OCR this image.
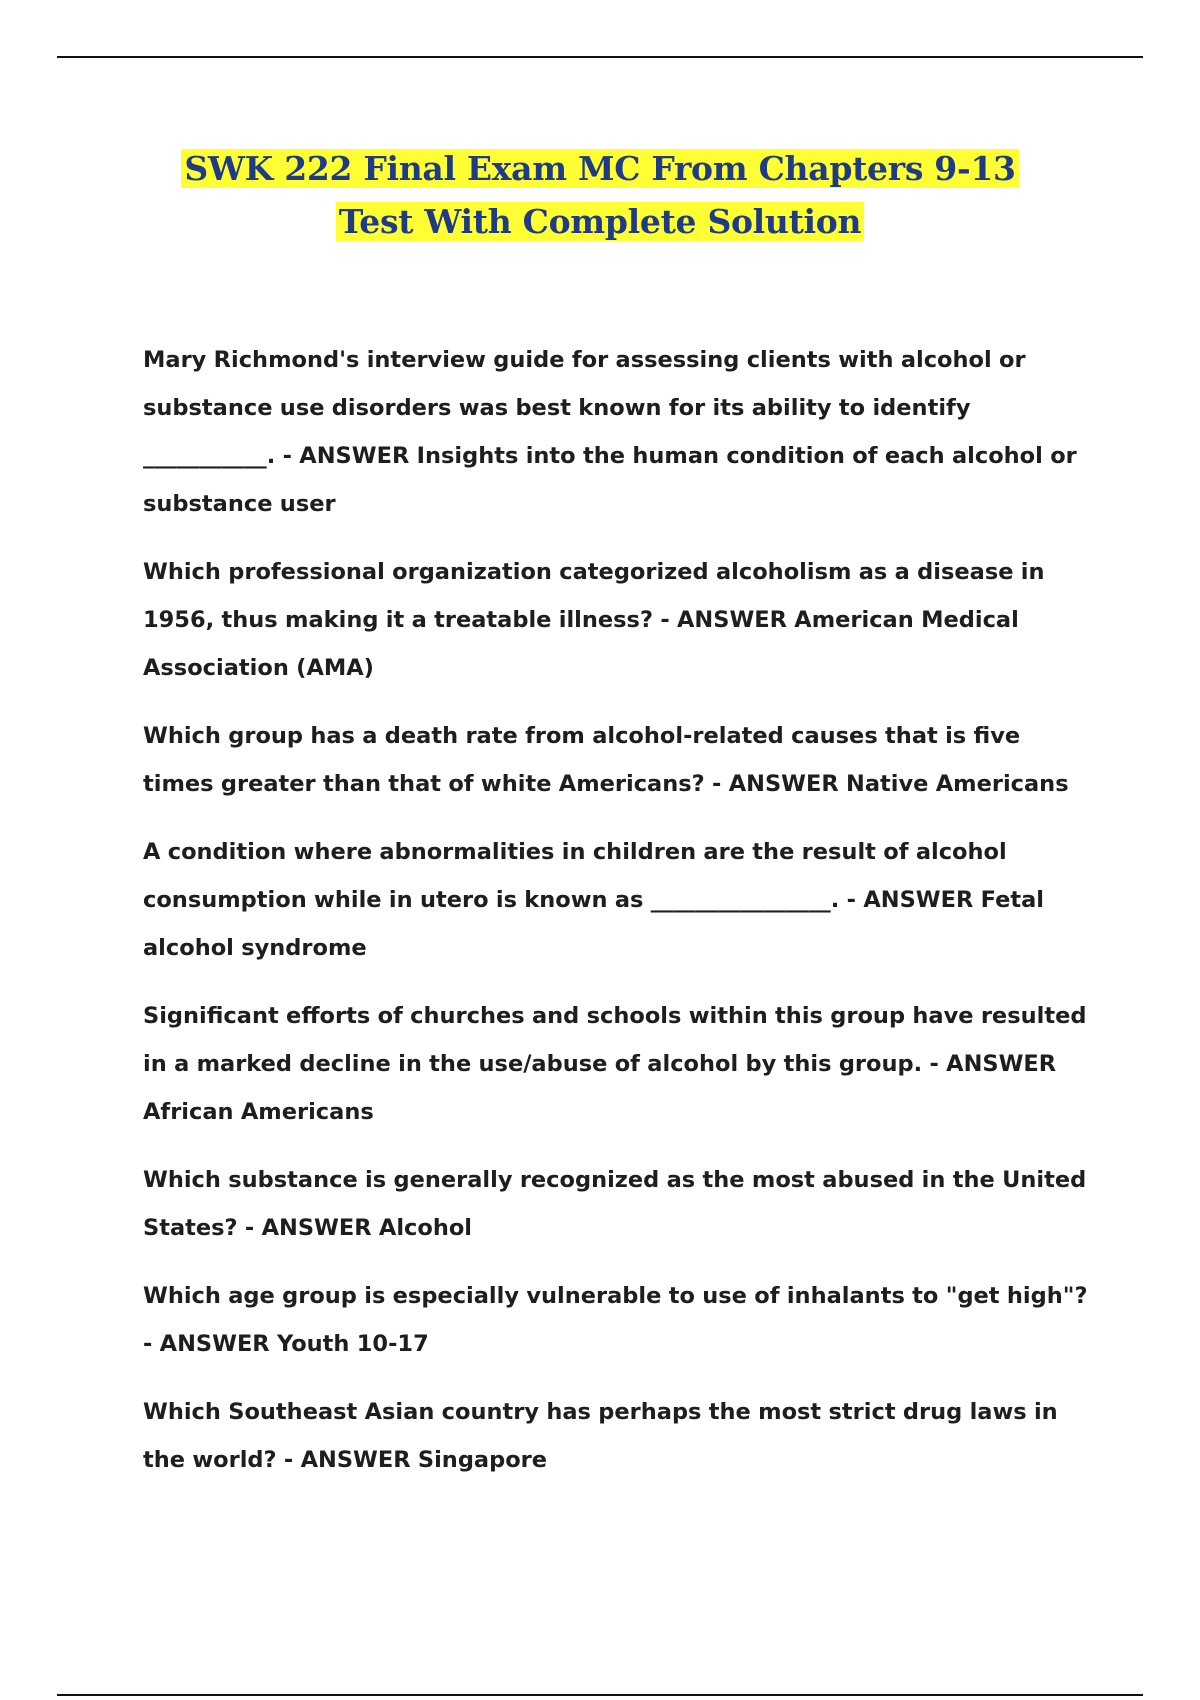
SWK 222 Final Exam MC From Chapters 9-13
Test With Complete Solution

Mary Richmond's interview guide for assessing clients with alcohol or substance use disorders was best known for its ability to identify ___________. - ANSWER Insights into the human condition of each alcohol or substance user

Which professional organization categorized alcoholism as a disease in 1956, thus making it a treatable illness? - ANSWER American Medical Association (AMA)

Which group has a death rate from alcohol-related causes that is five times greater than that of white Americans? - ANSWER Native Americans

A condition where abnormalities in children are the result of alcohol consumption while in utero is known as ________________. - ANSWER Fetal alcohol syndrome

Significant efforts of churches and schools within this group have resulted in a marked decline in the use/abuse of alcohol by this group. - ANSWER African Americans

Which substance is generally recognized as the most abused in the United States? - ANSWER Alcohol

Which age group is especially vulnerable to use of inhalants to "get high"? - ANSWER Youth 10-17

Which Southeast Asian country has perhaps the most strict drug laws in the world? - ANSWER Singapore
